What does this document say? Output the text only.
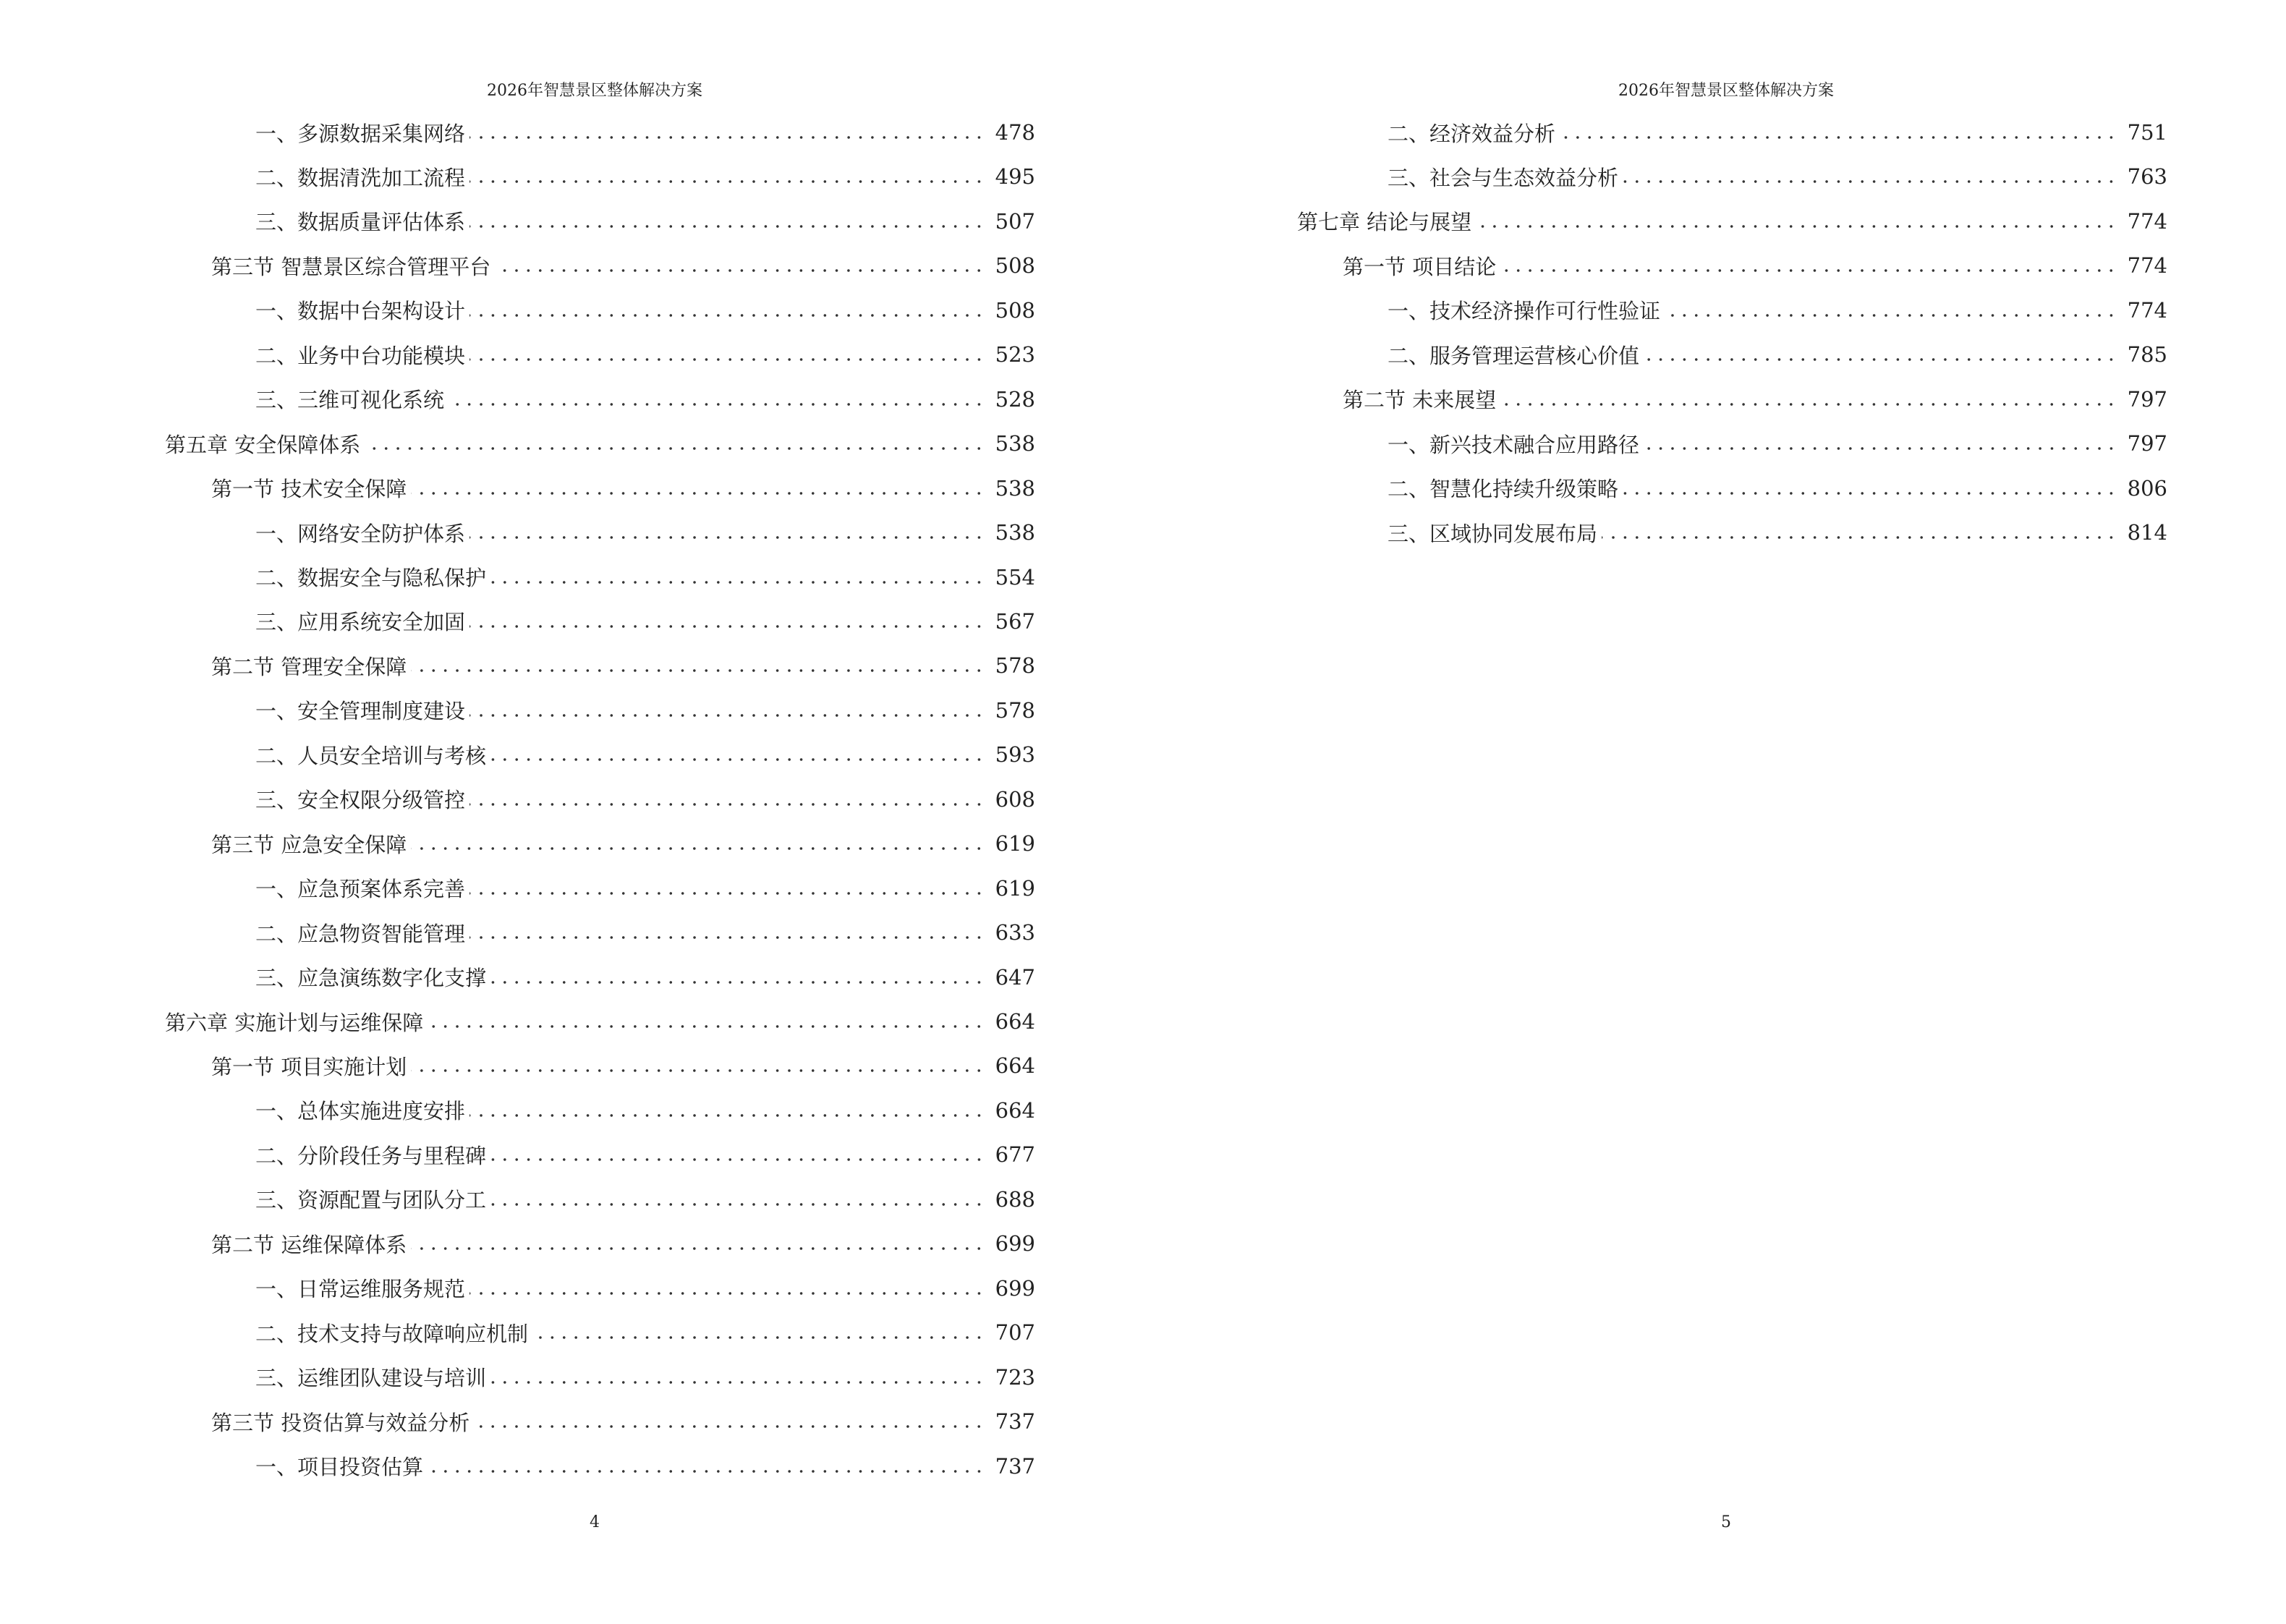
2026年智慧景区整体解决方案
一、多源数据采集网络	478
二、数据清洗加工流程	495
三、数据质量评估体系	507
第三节 智慧景区综合管理平台	508
一、数据中台架构设计	508
二、业务中台功能模块	523
三、三维可视化系统	528
第五章 安全保障体系	538
第一节 技术安全保障	538
一、网络安全防护体系	538
二、数据安全与隐私保护	554
三、应用系统安全加固	567
第二节 管理安全保障	578
一、安全管理制度建设	578
二、人员安全培训与考核	593
三、安全权限分级管控	608
第三节 应急安全保障	619
一、应急预案体系完善	619
二、应急物资智能管理	633
三、应急演练数字化支撑	647
第六章 实施计划与运维保障	664
第一节 项目实施计划	664
一、总体实施进度安排	664
二、分阶段任务与里程碑	677
三、资源配置与团队分工	688
第二节 运维保障体系	699
一、日常运维服务规范	699
二、技术支持与故障响应机制	707
三、运维团队建设与培训	723
第三节 投资估算与效益分析	737
一、项目投资估算	737
4
2026年智慧景区整体解决方案
二、经济效益分析	751
三、社会与生态效益分析	763
第七章 结论与展望	774
第一节 项目结论	774
一、技术经济操作可行性验证	774
二、服务管理运营核心价值	785
第二节 未来展望	797
一、新兴技术融合应用路径	797
二、智慧化持续升级策略	806
三、区域协同发展布局	814
5
